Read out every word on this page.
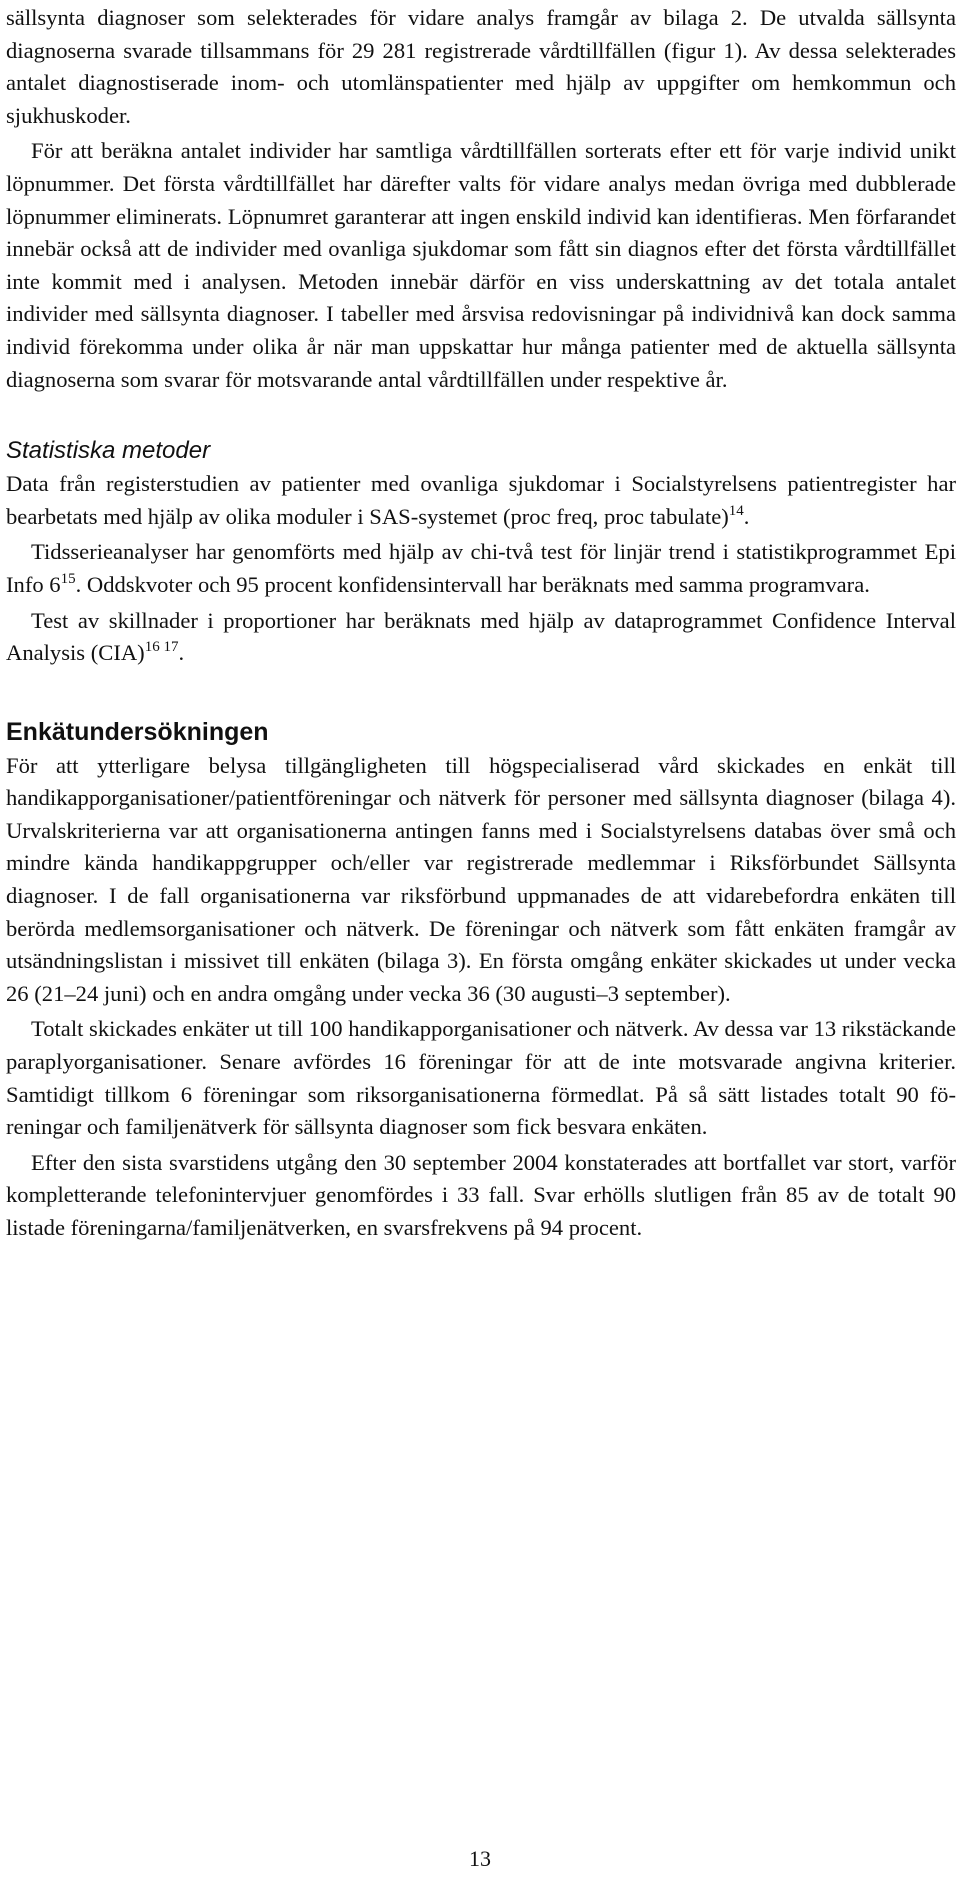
sällsynta diagnoser som selekterades för vidare analys framgår av bilaga 2. De utvalda sällsynta diagnoserna svarade tillsammans för 29 281 registrerade vårdtillfällen (figur 1). Av dessa selekterades antalet diagnostiserade inom- och utomlänspatienter med hjälp av uppgifter om hemkommun och sjukhuskoder.

För att beräkna antalet individer har samtliga vårdtillfällen sorterats efter ett för varje individ unikt löpnummer. Det första vårdtillfället har därefter valts för vidare analys medan övriga med dubblerade löpnummer eliminerats. Löpnumret garanterar att ingen enskild individ kan identifieras. Men förfarandet innebär också att de individer med ovanliga sjukdomar som fått sin diagnos efter det första vårdtillfället inte kommit med i analysen. Metoden innebär därför en viss underskattning av det totala antalet individer med sällsynta diagnoser. I tabeller med årsvisa redovisningar på individnivå kan dock samma individ förekomma under olika år när man uppskattar hur många patienter med de aktuella sällsynta diagnoserna som svarar för motsvarande antal vårdtillfällen under respektive år.

Statistiska metoder

Data från registerstudien av patienter med ovanliga sjukdomar i Socialstyrelsens patientregister har bearbetats med hjälp av olika moduler i SAS-systemet (proc freq, proc tabulate)$^{14}$.

Tidsserieanalyser har genomförts med hjälp av chi-två test för linjär trend i statistikprogrammet Epi Info $6^{15}$. Oddskvoter och 95 procent konfidensintervall har beräknats med samma programvara.

Test av skillnader i proportioner har beräknats med hjälp av dataprogrammet Confidence Interval Analysis (CIA)$^{16 17}$.

Enkätundersökningen

För att ytterligare belysa tillgängligheten till högspecialiserad vård skickades en enkät till handikapporganisationer/patientföreningar och nätverk för personer med sällsynta diagnoser (bilaga 4). Urvalskriterierna var att organisationerna antingen fanns med i Socialstyrelsens databas över små och mindre kända handikappgrupper och/eller var registrerade medlemmar i Riksförbundet Sällsynta diagnoser. I de fall organisationerna var riksförbund uppmanades de att vidarebefordra enkäten till berörda medlemsorganisationer och nätverk. De föreningar och nätverk som fått enkäten framgår av utsändningslistan i missivet till enkäten (bilaga 3). En första omgång enkäter skickades ut under vecka 26 (21–24 juni) och en andra omgång under vecka 36 (30 augusti–3 september).

Totalt skickades enkäter ut till 100 handikapporganisationer och nätverk. Av dessa var 13 rikstäckande paraplyorganisationer. Senare avfördes 16 föreningar för att de inte motsvarade angivna kriterier. Samtidigt tillkom 6 föreningar som riksorganisationerna förmedlat. På så sätt listades totalt 90 föreningar och familjenätverk för sällsynta diagnoser som fick besvara enkäten.

Efter den sista svarstidens utgång den 30 september 2004 konstaterades att bortfallet var stort, varför kompletterande telefonintervjuer genomfördes i 33 fall. Svar erhölls slutligen från 85 av de totalt 90 listade föreningarna/familjenätverken, en svarsfrekvens på 94 procent.

13
